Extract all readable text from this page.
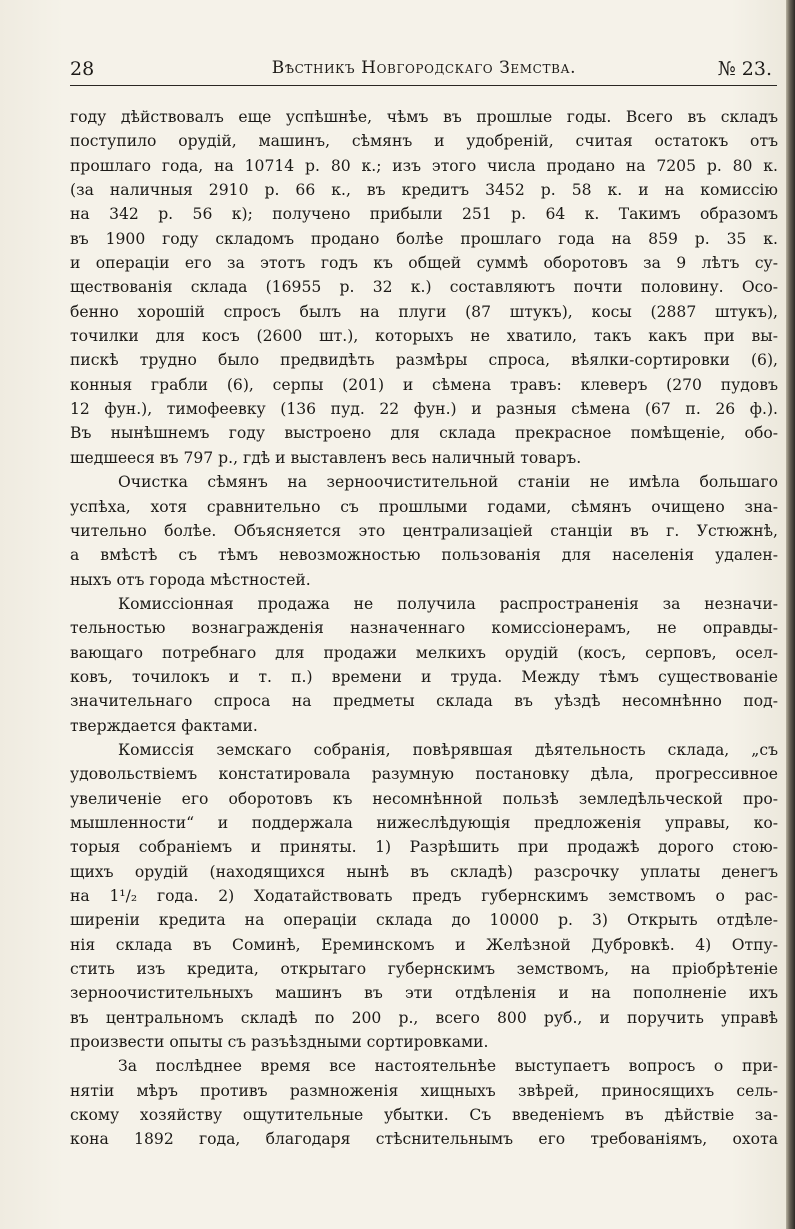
28	Вѣстникъ Новгородскаго Земства.	№ 23.
году дѣйствовалъ еще успѣшнѣе, чѣмъ въ прошлые годы. Всего въ складъ
поступило орудій, машинъ, сѣмянъ и удобреній, считая остатокъ отъ
прошлаго года, на 10714 р. 80 к.; изъ этого числа продано на 7205 р. 80 к.
(за наличныя 2910 р. 66 к., въ кредитъ 3452 р. 58 к. и на комиссію
на 342 р. 56 к); получено прибыли 251 р. 64 к. Такимъ образомъ
въ 1900 году складомъ продано болѣе прошлаго года на 859 р. 35 к.
и операціи его за этотъ годъ къ общей суммѣ оборотовъ за 9 лѣтъ су-
ществованія склада (16955 р. 32 к.) составляютъ почти половину. Осо-
бенно хорошій спросъ былъ на плуги (87 штукъ), косы (2887 штукъ),
точилки для косъ (2600 шт.), которыхъ не хватило, такъ какъ при вы-
пискѣ трудно было предвидѣть размѣры спроса, вѣялки-сортировки (6),
конныя грабли (6), серпы (201) и сѣмена травъ: клеверъ (270 пудовъ
12 фун.), тимофеевку (136 пуд. 22 фун.) и разныя сѣмена (67 п. 26 ф.).
Въ нынѣшнемъ году выстроено для склада прекрасное помѣщеніе, обо-
шедшееся въ 797 р., гдѣ и выставленъ весь наличный товаръ.
Очистка сѣмянъ на зерноочистительной станіи не имѣла большаго
успѣха, хотя сравнительно съ прошлыми годами, сѣмянъ очищено зна-
чительно болѣе. Объясняется это централизаціей станціи въ г. Устюжнѣ,
а вмѣстѣ съ тѣмъ невозможностью пользованія для населенія удален-
ныхъ отъ города мѣстностей.
Комиссіонная продажа не получила распространенія за незначи-
тельностью вознагражденія назначеннаго комиссіонерамъ, не оправды-
вающаго потребнаго для продажи мелкихъ орудій (косъ, серповъ, осел-
ковъ, точилокъ и т. п.) времени и труда. Между тѣмъ существованіе
значительнаго спроса на предметы склада въ уѣздѣ несомнѣнно под-
тверждается фактами.
Комиссія земскаго собранія, повѣрявшая дѣятельность склада, „съ
удовольствіемъ констатировала разумную постановку дѣла, прогрессивное
увеличеніе его оборотовъ къ несомнѣнной пользѣ земледѣльческой про-
мышленности“ и поддержала нижеслѣдующія предложенія управы, ко-
торыя собраніемъ и приняты. 1) Разрѣшить при продажѣ дорого стою-
щихъ орудій (находящихся нынѣ въ складѣ) разсрочку уплаты денегъ
на 1¹/₂ года. 2) Ходатайствовать предъ губернскимъ земствомъ о рас-
ширеніи кредита на операціи склада до 10000 р. 3) Открыть отдѣле-
нія склада въ Соминѣ, Ереминскомъ и Желѣзной Дубровкѣ. 4) Отпу-
стить изъ кредита, открытаго губернскимъ земствомъ, на пріобрѣтеніе
зерноочистительныхъ машинъ въ эти отдѣленія и на пополненіе ихъ
въ центральномъ складѣ по 200 р., всего 800 руб., и поручить управѣ
произвести опыты съ разъѣздными сортировками.
За послѣднее время все настоятельнѣе выступаетъ вопросъ о при-
нятіи мѣръ противъ размноженія хищныхъ звѣрей, приносящихъ сель-
скому хозяйству ощутительные убытки. Съ введеніемъ въ дѣйствіе за-
кона 1892 года, благодаря стѣснительнымъ его требованіямъ, охота
